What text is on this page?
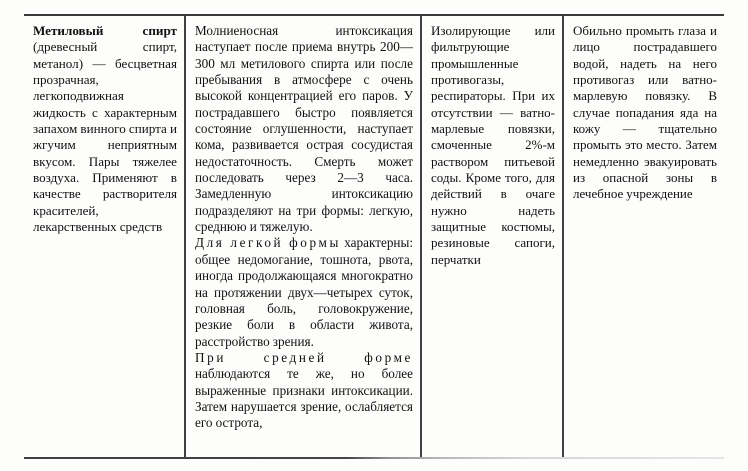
Метиловый спирт (древесный спирт, метанол) — бесцветная прозрачная, легкоподвижная жидкость с характерным запахом винного спирта и жгучим неприятным вкусом. Пары тяжелее воздуха. Применяют в качестве растворителя красителей, лекарственных средств

Молниеносная интоксикация наступает после приема внутрь 200—300 мл метилового спирта или после пребывания в атмосфере с очень высокой концентрацией его паров. У пострадавшего быстро появляется состояние оглушенности, наступает кома, развивается острая сосудистая недостаточность. Смерть может последовать через 2—3 часа. Замедленную интоксикацию подразделяют на три формы: легкую, среднюю и тяжелую.

Для легкой формы характерны: общее недомогание, тошнота, рвота, иногда продолжающаяся многократно на протяжении двух—четырех суток, головная боль, головокружение, резкие боли в области живота, расстройство зрения.

При средней форме наблюдаются те же, но более выраженные признаки интоксикации. Затем нарушается зрение, ослабляется его острота,

Изолирующие или фильтрующие промышленные противогазы, респираторы. При их отсутствии — ватно-марлевые повязки, смоченные 2%-м раствором питьевой соды. Кроме того, для действий в очаге нужно надеть защитные костюмы, резиновые сапоги, перчатки

Обильно промыть глаза и лицо пострадавшего водой, надеть на него противогаз или ватно-марлевую повязку. В случае попадания яда на кожу — тщательно промыть это место. Затем немедленно эвакуировать из опасной зоны в лечебное учреждение
